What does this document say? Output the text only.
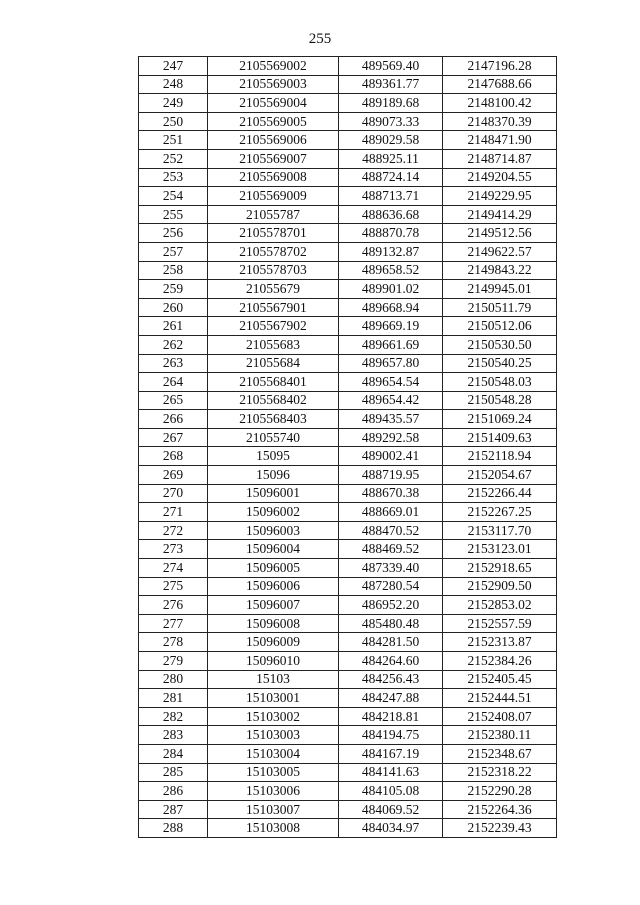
255
247	2105569002	489569.40	2147196.28
248	2105569003	489361.77	2147688.66
249	2105569004	489189.68	2148100.42
250	2105569005	489073.33	2148370.39
251	2105569006	489029.58	2148471.90
252	2105569007	488925.11	2148714.87
253	2105569008	488724.14	2149204.55
254	2105569009	488713.71	2149229.95
255	21055787	488636.68	2149414.29
256	2105578701	488870.78	2149512.56
257	2105578702	489132.87	2149622.57
258	2105578703	489658.52	2149843.22
259	21055679	489901.02	2149945.01
260	2105567901	489668.94	2150511.79
261	2105567902	489669.19	2150512.06
262	21055683	489661.69	2150530.50
263	21055684	489657.80	2150540.25
264	2105568401	489654.54	2150548.03
265	2105568402	489654.42	2150548.28
266	2105568403	489435.57	2151069.24
267	21055740	489292.58	2151409.63
268	15095	489002.41	2152118.94
269	15096	488719.95	2152054.67
270	15096001	488670.38	2152266.44
271	15096002	488669.01	2152267.25
272	15096003	488470.52	2153117.70
273	15096004	488469.52	2153123.01
274	15096005	487339.40	2152918.65
275	15096006	487280.54	2152909.50
276	15096007	486952.20	2152853.02
277	15096008	485480.48	2152557.59
278	15096009	484281.50	2152313.87
279	15096010	484264.60	2152384.26
280	15103	484256.43	2152405.45
281	15103001	484247.88	2152444.51
282	15103002	484218.81	2152408.07
283	15103003	484194.75	2152380.11
284	15103004	484167.19	2152348.67
285	15103005	484141.63	2152318.22
286	15103006	484105.08	2152290.28
287	15103007	484069.52	2152264.36
288	15103008	484034.97	2152239.43
